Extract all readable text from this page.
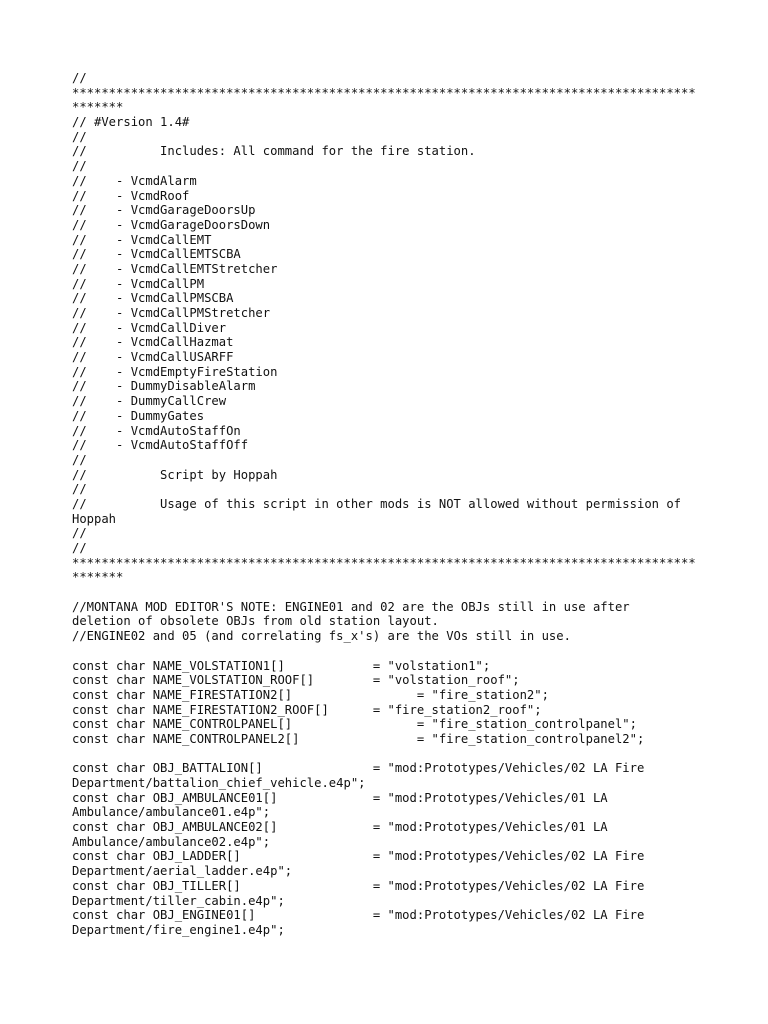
//
*************************************************************************************
*******
// #Version 1.4#
//
//          Includes: All command for the fire station.
//
//    - VcmdAlarm
//    - VcmdRoof
//    - VcmdGarageDoorsUp
//    - VcmdGarageDoorsDown
//    - VcmdCallEMT
//    - VcmdCallEMTSCBA
//    - VcmdCallEMTStretcher
//    - VcmdCallPM
//    - VcmdCallPMSCBA
//    - VcmdCallPMStretcher
//    - VcmdCallDiver
//    - VcmdCallHazmat
//    - VcmdCallUSARFF
//    - VcmdEmptyFireStation
//    - DummyDisableAlarm
//    - DummyCallCrew
//    - DummyGates
//    - VcmdAutoStaffOn
//    - VcmdAutoStaffOff
//
//          Script by Hoppah
//
//          Usage of this script in other mods is NOT allowed without permission of
Hoppah
//
//
*************************************************************************************
*******
//MONTANA MOD EDITOR'S NOTE: ENGINE01 and 02 are the OBJs still in use after
deletion of obsolete OBJs from old station layout.
//ENGINE02 and 05 (and correlating fs_x's) are the VOs still in use.
const char NAME_VOLSTATION1[]            = "volstation1";
const char NAME_VOLSTATION_ROOF[]        = "volstation_roof";
const char NAME_FIRESTATION2[]                 = "fire_station2";
const char NAME_FIRESTATION2_ROOF[]      = "fire_station2_roof";
const char NAME_CONTROLPANEL[]                 = "fire_station_controlpanel";
const char NAME_CONTROLPANEL2[]                = "fire_station_controlpanel2";
const char OBJ_BATTALION[]               = "mod:Prototypes/Vehicles/02 LA Fire
Department/battalion_chief_vehicle.e4p";
const char OBJ_AMBULANCE01[]             = "mod:Prototypes/Vehicles/01 LA
Ambulance/ambulance01.e4p";
const char OBJ_AMBULANCE02[]             = "mod:Prototypes/Vehicles/01 LA
Ambulance/ambulance02.e4p";
const char OBJ_LADDER[]                  = "mod:Prototypes/Vehicles/02 LA Fire
Department/aerial_ladder.e4p";
const char OBJ_TILLER[]                  = "mod:Prototypes/Vehicles/02 LA Fire
Department/tiller_cabin.e4p";
const char OBJ_ENGINE01[]                = "mod:Prototypes/Vehicles/02 LA Fire
Department/fire_engine1.e4p";
